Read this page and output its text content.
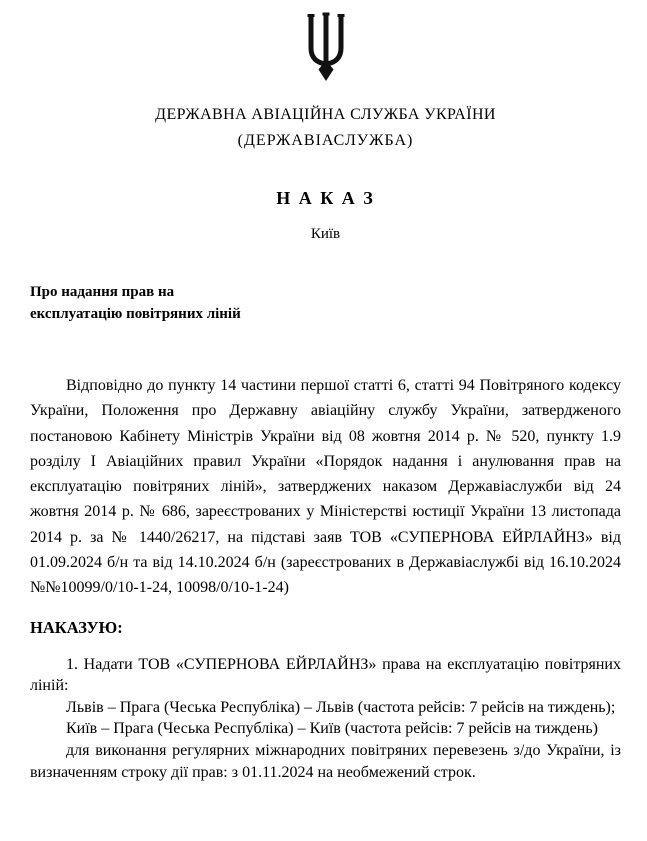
ДЕРЖАВНА АВІАЦІЙНА СЛУЖБА УКРАЇНИ
(ДЕРЖАВІАСЛУЖБА)
Н А К А З
Київ
Про надання прав на
експлуатацію повітряних ліній

Відповідно до пункту 14 частини першої статті 6, статті 94 Повітряного кодексу України, Положення про Державну авіаційну службу України, затвердженого постановою Кабінету Міністрів України від 08 жовтня 2014 р. № 520, пункту 1.9 розділу І Авіаційних правил України «Порядок надання і анулювання прав на експлуатацію повітряних ліній», затверджених наказом Державіаслужби від 24 жовтня 2014 р. № 686, зареєстрованих у Міністерстві юстиції України 13 листопада 2014 р. за № 1440/26217, на підставі заяв ТОВ «СУПЕРНОВА ЕЙРЛАЙНЗ» від 01.09.2024 б/н та від 14.10.2024 б/н (зареєстрованих в Державіаслужбі від 16.10.2024 №№10099/0/10-1-24, 10098/0/10-1-24)

НАКАЗУЮ:

1. Надати ТОВ «СУПЕРНОВА ЕЙРЛАЙНЗ» права на експлуатацію повітряних ліній:

Львів – Прага (Чеська Республіка) – Львів (частота рейсів: 7 рейсів на тиждень);

Київ – Прага (Чеська Республіка) – Київ (частота рейсів: 7 рейсів на тиждень)

для виконання регулярних міжнародних повітряних перевезень з/до України, із визначенням строку дії прав: з 01.11.2024 на необмежений строк.
